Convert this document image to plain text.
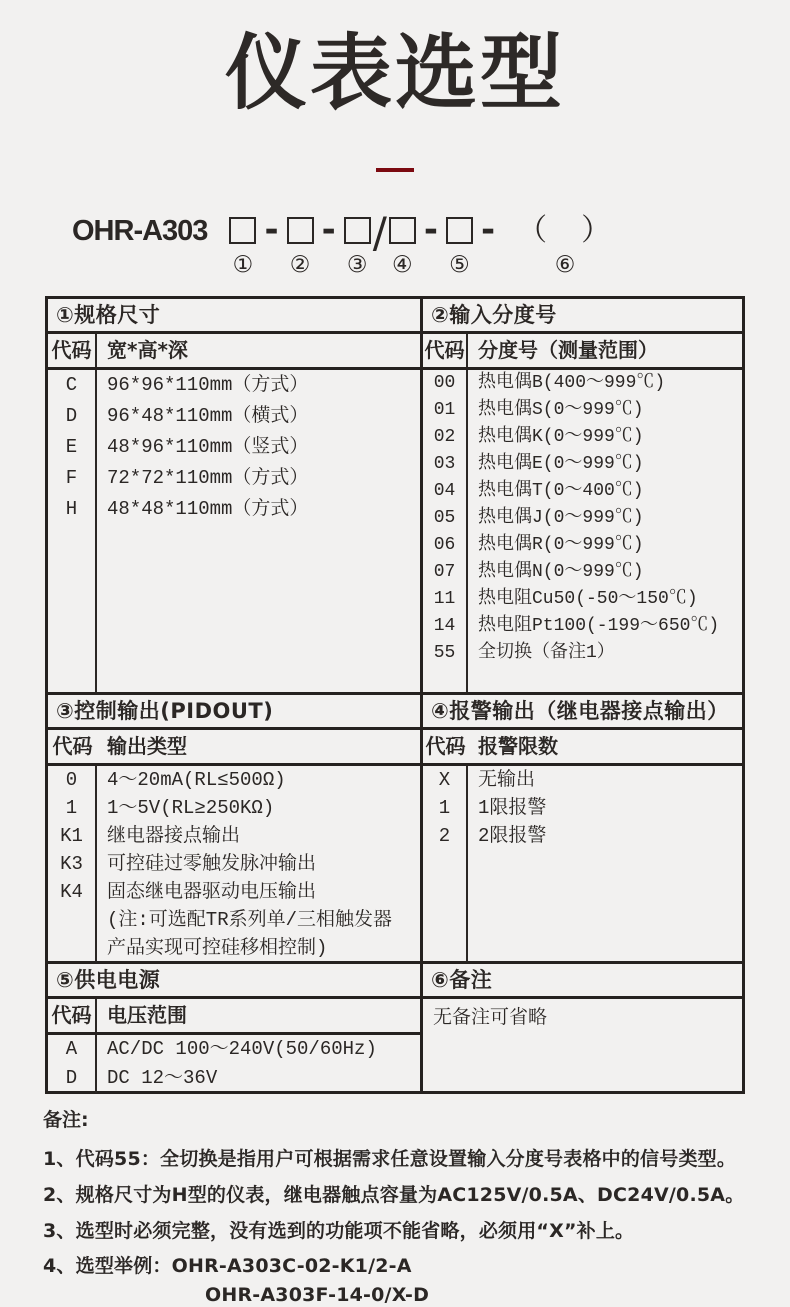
仪表选型
OHR-A303
①
-
②
-
③
/
④
-
⑤
- （　）
⑥
①规格尺寸
代码 宽*高*深
C
D
E
F
H
96*96*110mm（方式）
96*48*110mm（横式）
48*96*110mm（竖式）
72*72*110mm（方式）
48*48*110mm（方式）
②输入分度号
代码 分度号（测量范围）
00
01
02
03
04
05
06
07
11
14
55
热电偶B(400～999℃)
热电偶S(0～999℃)
热电偶K(0～999℃)
热电偶E(0～999℃)
热电偶T(0～400℃)
热电偶J(0～999℃)
热电偶R(0～999℃)
热电偶N(0～999℃)
热电阻Cu50(-50～150℃)
热电阻Pt100(-199～650℃)
全切换（备注1）
③控制输出(PIDOUT)
代码 输出类型
0
1
K1
K3
K4
4～20mA(RL≤500Ω)
1～5V(RL≥250KΩ)
继电器接点输出
可控硅过零触发脉冲输出
固态继电器驱动电压输出
(注:可选配TR系列单/三相触发器
产品实现可控硅移相控制)
④报警输出（继电器接点输出）
代码 报警限数
X
1
2
无输出
1限报警
2限报警
⑤供电电源
代码 电压范围
A
D
AC/DC 100～240V(50/60Hz)
DC 12～36V
⑥备注
无备注可省略
备注:
1、代码55：全切换是指用户可根据需求任意设置输入分度号表格中的信号类型。
2、规格尺寸为H型的仪表，继电器触点容量为AC125V/0.5A、DC24V/0.5A。
3、选型时必须完整，没有选到的功能项不能省略，必须用“X”补上。
4、选型举例：OHR-A303C-02-K1/2-A
OHR-A303F-14-0/X-D
